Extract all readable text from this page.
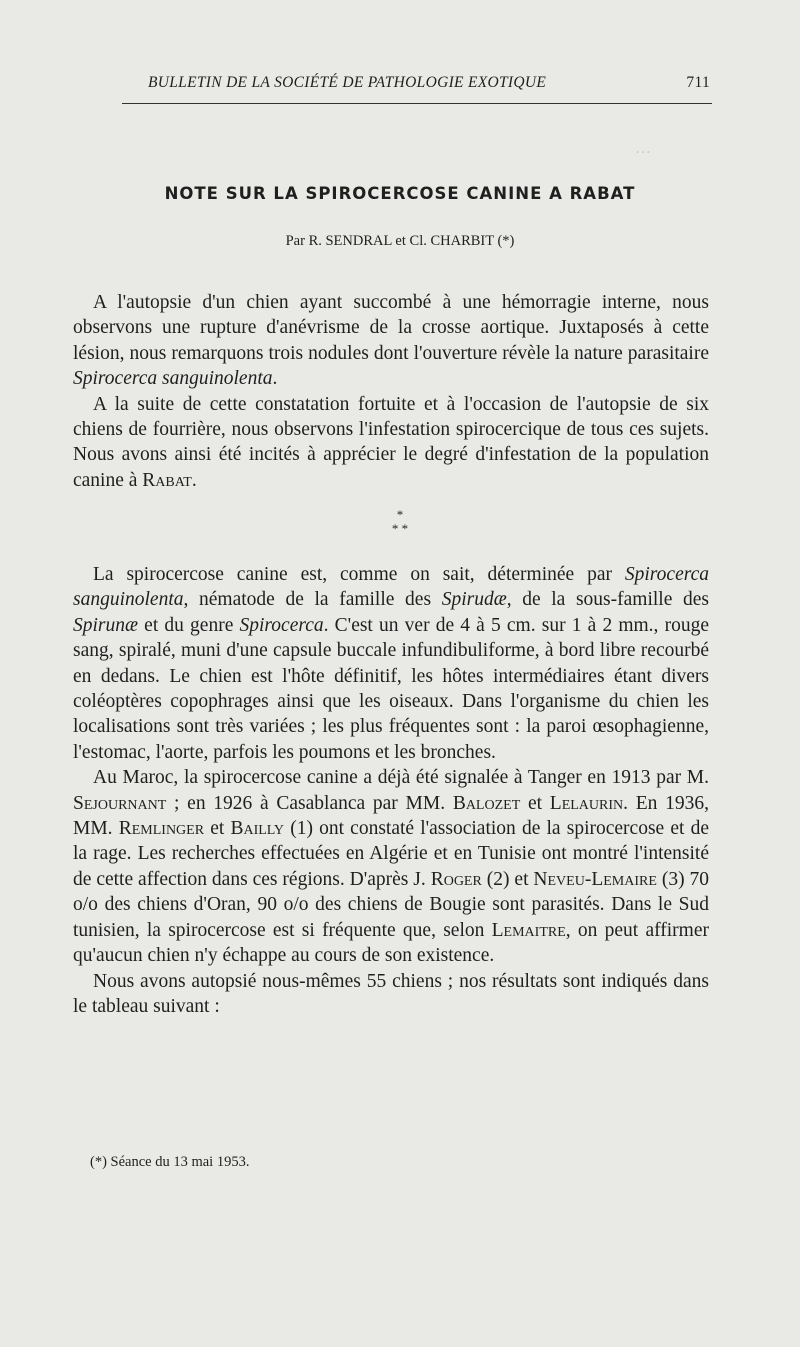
…
BULLETIN DE LA SOCIÉTÉ DE PATHOLOGIE EXOTIQUE	711
NOTE SUR LA SPIROCERCOSE CANINE A RABAT
Par R. SENDRAL et Cl. CHARBIT (*)

A l'autopsie d'un chien ayant succombé à une hémorragie interne, nous observons une rupture d'anévrisme de la crosse aortique. Juxtaposés à cette lésion, nous remarquons trois nodules dont l'ouverture révèle la nature parasitaire Spirocerca sanguinolenta.

A la suite de cette constatation fortuite et à l'occasion de l'autopsie de six chiens de fourrière, nous observons l'infestation spirocercique de tous ces sujets. Nous avons ainsi été incités à apprécier le degré d'infestation de la population canine à Rabat.

*
* *

La spirocercose canine est, comme on sait, déterminée par Spirocerca sanguinolenta, nématode de la famille des Spirudæ, de la sous-famille des Spirunæ et du genre Spirocerca. C'est un ver de 4 à 5 cm. sur 1 à 2 mm., rouge sang, spiralé, muni d'une capsule buccale infundibuliforme, à bord libre recourbé en dedans. Le chien est l'hôte définitif, les hôtes intermédiaires étant divers coléoptères copophrages ainsi que les oiseaux. Dans l'organisme du chien les localisations sont très variées ; les plus fréquentes sont : la paroi œsophagienne, l'estomac, l'aorte, parfois les poumons et les bronches.

Au Maroc, la spirocercose canine a déjà été signalée à Tanger en 1913 par M. Sejournant ; en 1926 à Casablanca par MM. Balozet et Lelaurin. En 1936, MM. Remlinger et Bailly (1) ont constaté l'association de la spirocercose et de la rage. Les recherches effectuées en Algérie et en Tunisie ont montré l'intensité de cette affection dans ces régions. D'après J. Roger (2) et Neveu-Lemaire (3) 70 o/o des chiens d'Oran, 90 o/o des chiens de Bougie sont parasités. Dans le Sud tunisien, la spirocercose est si fréquente que, selon Lemaitre, on peut affirmer qu'aucun chien n'y échappe au cours de son existence.

Nous avons autopsié nous-mêmes 55 chiens ; nos résultats sont indiqués dans le tableau suivant :

(*) Séance du 13 mai 1953.
